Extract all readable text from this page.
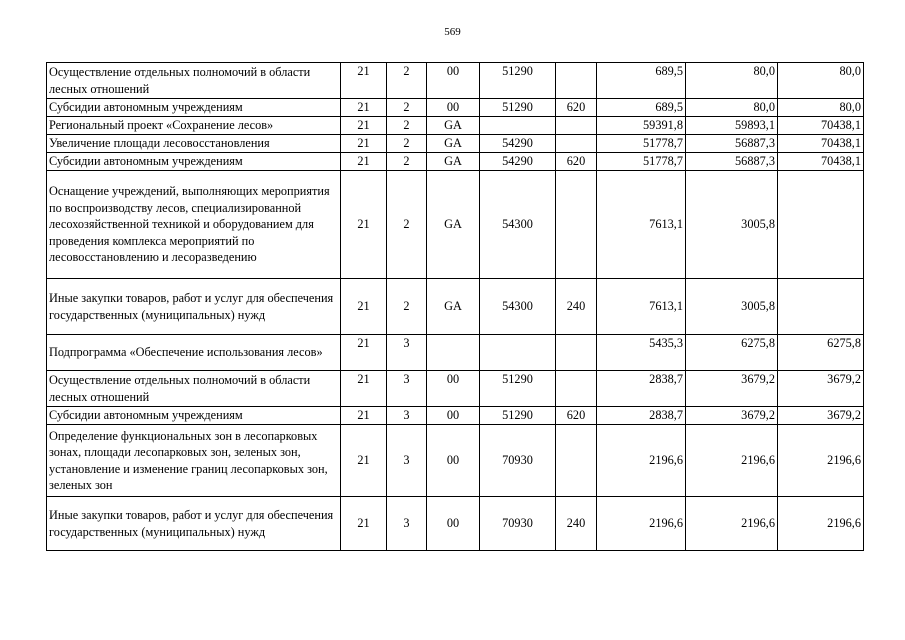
569
Осуществление отдельных полномочий в области лесных отношений	21	2	00	51290		689,5	80,0	80,0
Субсидии автономным учреждениям	21	2	00	51290	620	689,5	80,0	80,0
Региональный проект «Сохранение лесов»	21	2	GA			59391,8	59893,1	70438,1
Увеличение площади лесовосстановления	21	2	GA	54290		51778,7	56887,3	70438,1
Субсидии автономным учреждениям	21	2	GA	54290	620	51778,7	56887,3	70438,1
Оснащение учреждений, выполняющих мероприятия по воспроизводству лесов, специализированной лесохозяйственной техникой и оборудованием для проведения комплекса мероприятий по лесовосстановлению и лесоразведению	21	2	GA	54300		7613,1	3005,8	
Иные закупки товаров, работ и услуг для обеспечения государственных (муниципальных) нужд	21	2	GA	54300	240	7613,1	3005,8	
Подпрограмма «Обеспечение использования лесов»	21	3				5435,3	6275,8	6275,8
Осуществление отдельных полномочий в области лесных отношений	21	3	00	51290		2838,7	3679,2	3679,2
Субсидии автономным учреждениям	21	3	00	51290	620	2838,7	3679,2	3679,2
Определение функциональных зон в лесопарковых зонах, площади лесопарковых зон, зеленых зон, установление и изменение границ лесопарковых зон, зеленых зон	21	3	00	70930		2196,6	2196,6	2196,6
Иные закупки товаров, работ и услуг для обеспечения государственных (муниципальных) нужд	21	3	00	70930	240	2196,6	2196,6	2196,6
